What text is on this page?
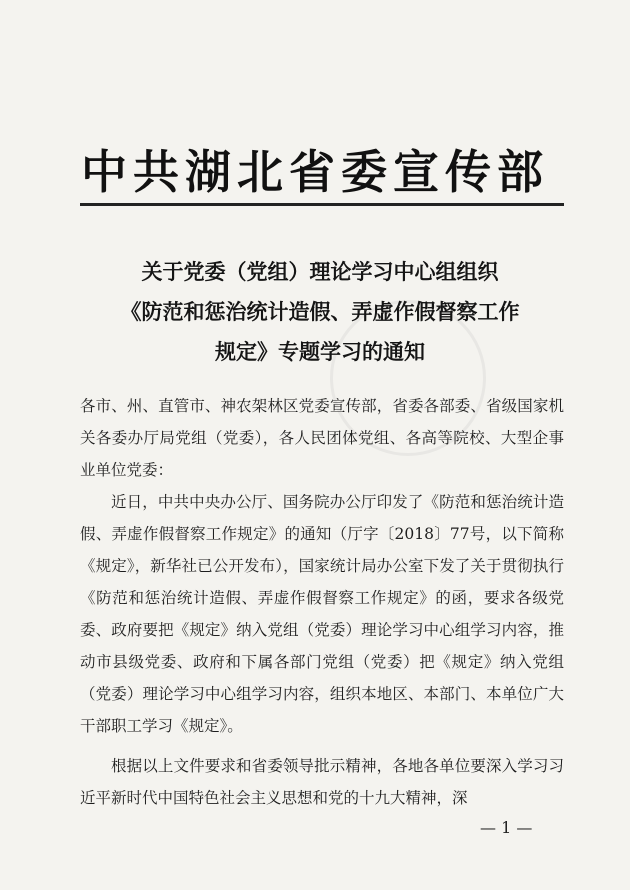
中共湖北省委宣传部
关于党委（党组）理论学习中心组组织
《防范和惩治统计造假、弄虚作假督察工作
规定》专题学习的通知

各市、州、直管市、神农架林区党委宣传部，省委各部委、省级国家机关各委办厅局党组（党委），各人民团体党组、各高等院校、大型企事业单位党委：

近日，中共中央办公厅、国务院办公厅印发了《防范和惩治统计造假、弄虚作假督察工作规定》的通知（厅字〔2018〕77号，以下简称《规定》，新华社已公开发布），国家统计局办公室下发了关于贯彻执行《防范和惩治统计造假、弄虚作假督察工作规定》的函，要求各级党委、政府要把《规定》纳入党组（党委）理论学习中心组学习内容，推动市县级党委、政府和下属各部门党组（党委）把《规定》纳入党组（党委）理论学习中心组学习内容，组织本地区、本部门、本单位广大干部职工学习《规定》。

根据以上文件要求和省委领导批示精神，各地各单位要深入学习习近平新时代中国特色社会主义思想和党的十九大精神，深

— 1 —
